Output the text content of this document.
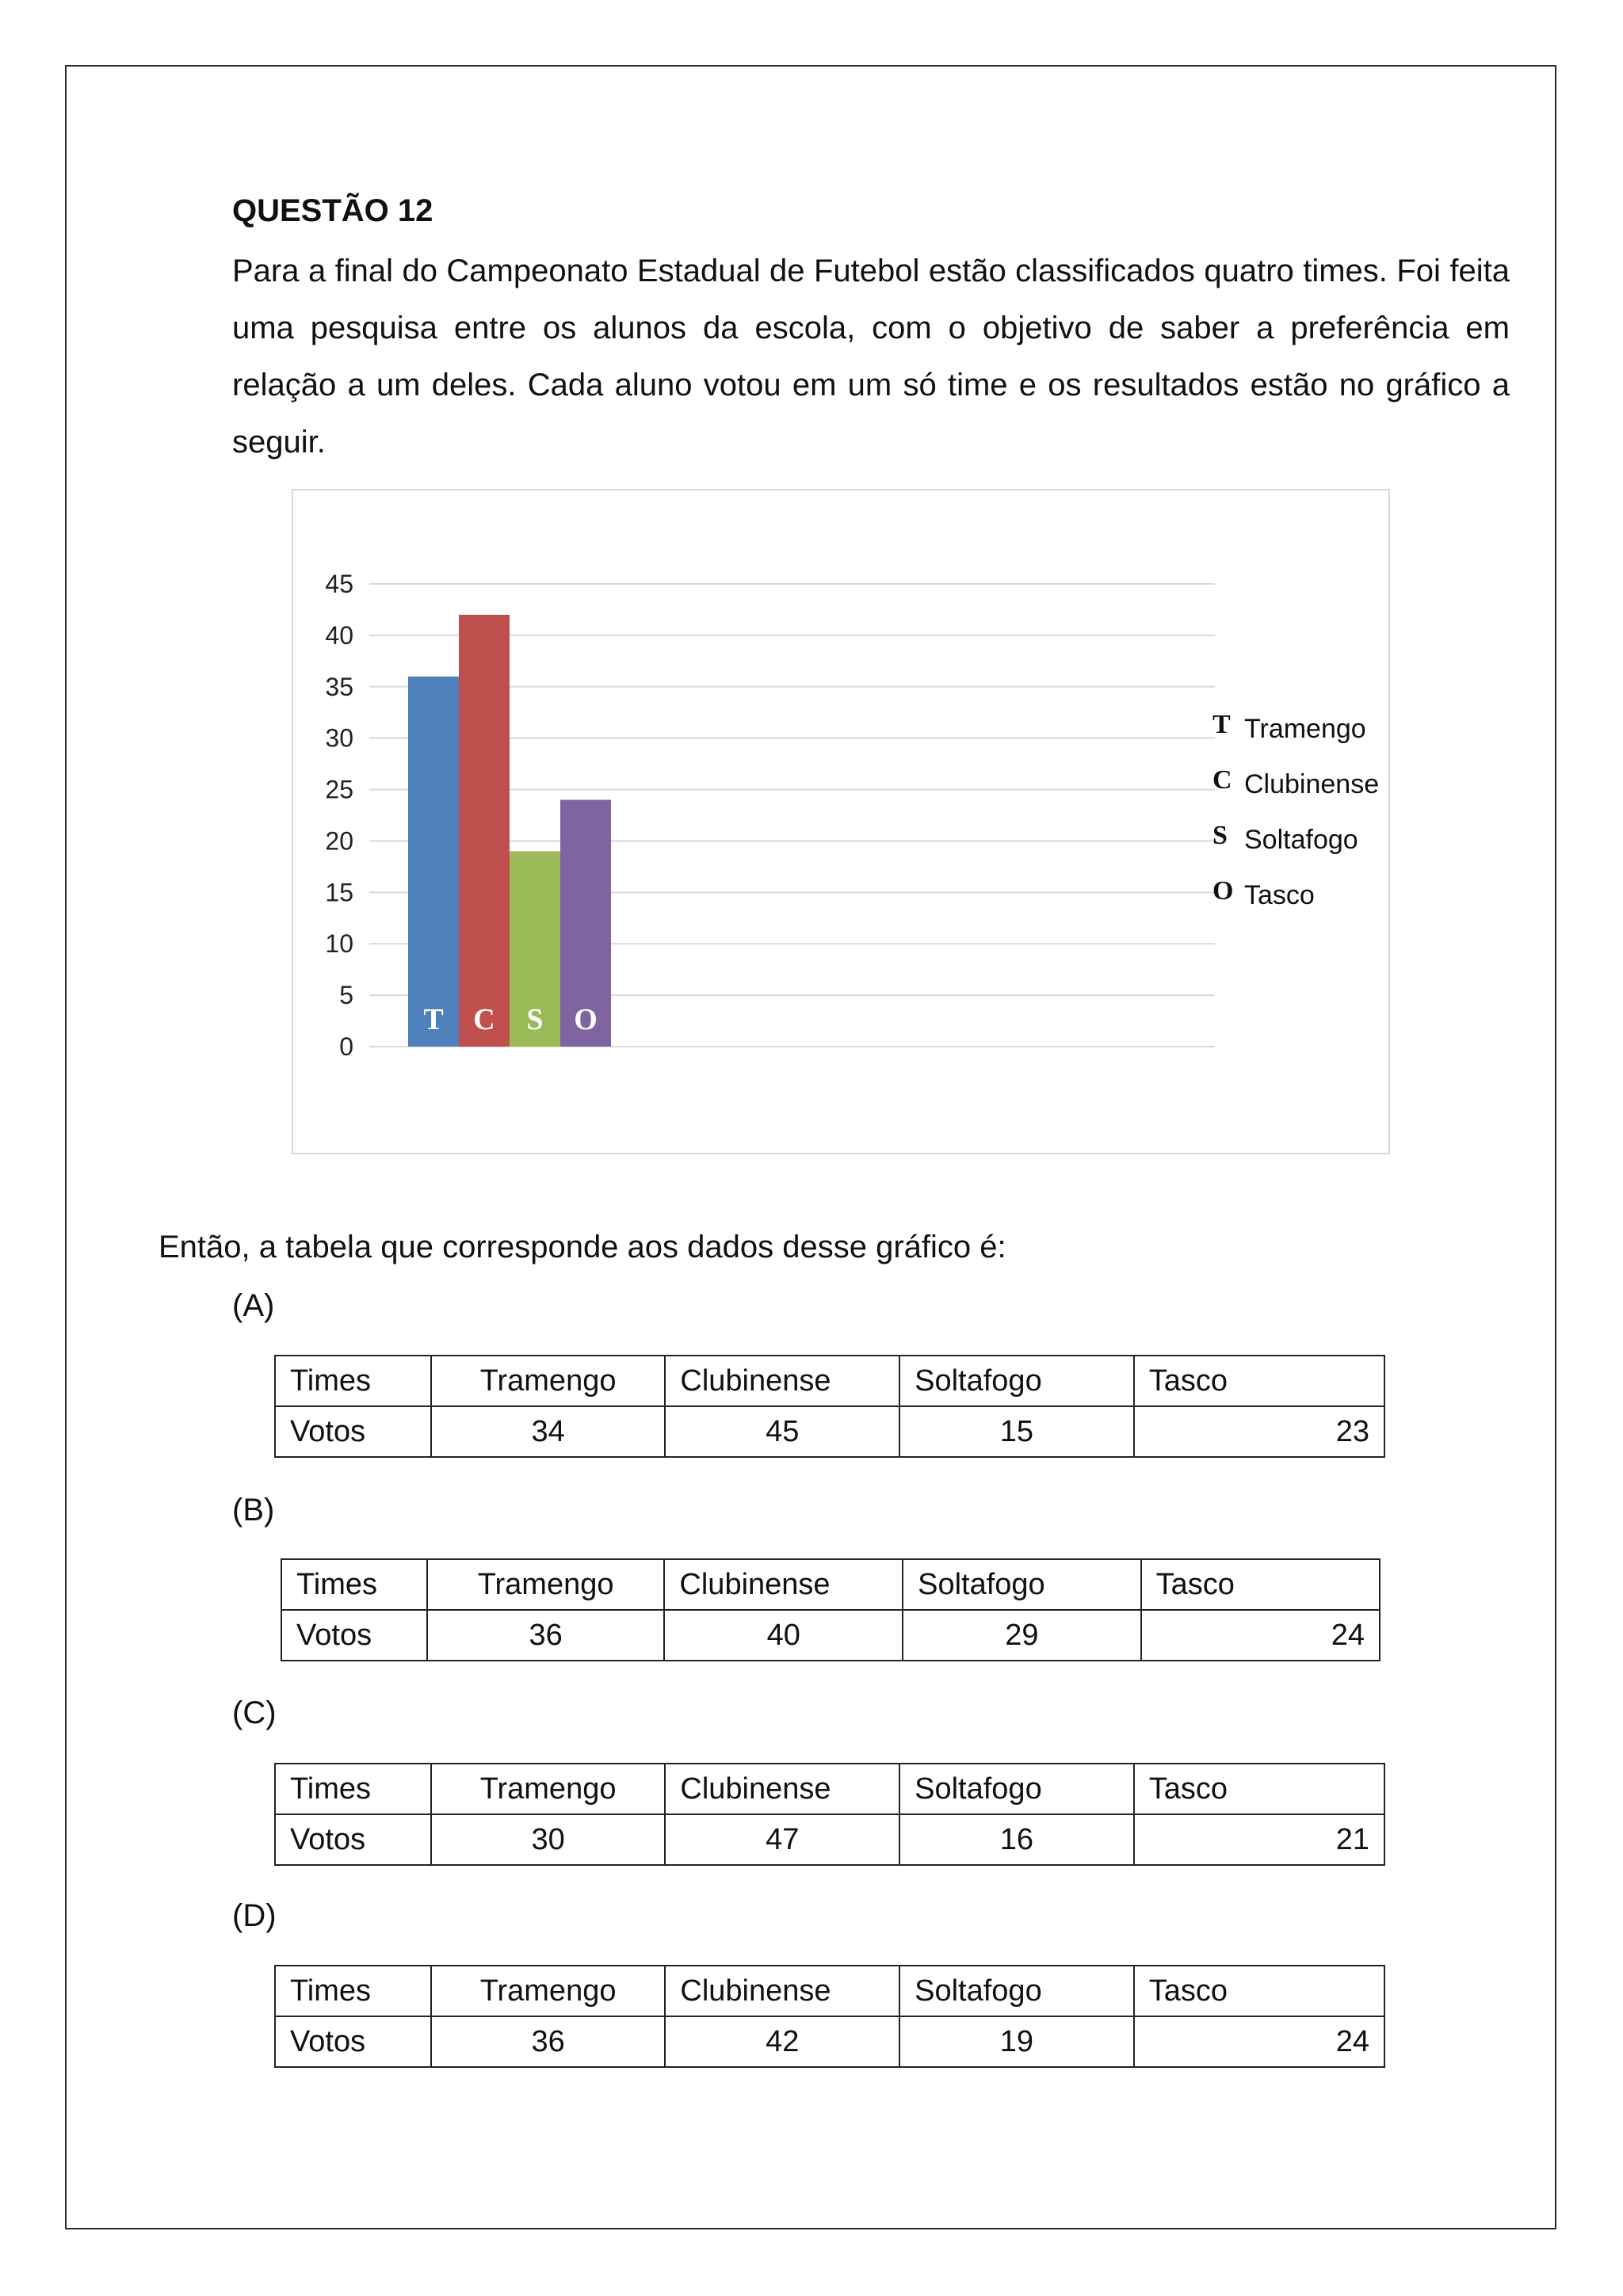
QUESTÃO 12

Para a final do Campeonato Estadual de Futebol estão classificados quatro times. Foi feita uma pesquisa entre os alunos da escola, com o objetivo de saber a preferência em relação a um deles. Cada aluno votou em um só time e os resultados estão no gráfico a seguir.

0
5
10
15
20
25
30
35
40
45
T C S O
T Tramengo
C Clubinense
S Soltafogo
O Tasco
Então, a tabela que corresponde aos dados desse gráfico é:
(A)
Times	Tramengo	Clubinense	Soltafogo	Tasco
Votos	34	45	15	23
(B)
Times	Tramengo	Clubinense	Soltafogo	Tasco
Votos	36	40	29	24
(C)
Times	Tramengo	Clubinense	Soltafogo	Tasco
Votos	30	47	16	21
(D)
Times	Tramengo	Clubinense	Soltafogo	Tasco
Votos	36	42	19	24
